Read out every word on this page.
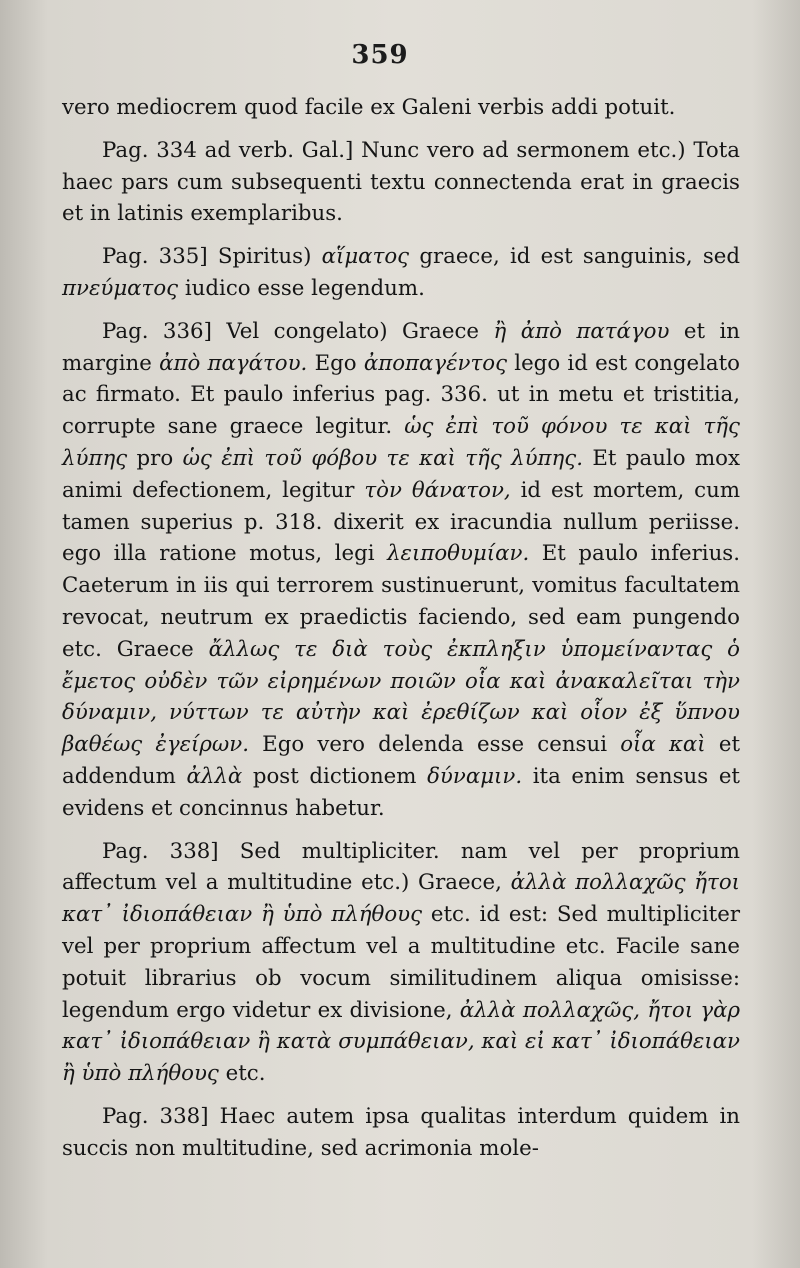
359

vero mediocrem quod facile ex Galeni verbis addi potuit.

Pag. 334 ad verb. Gal.] Nunc vero ad sermonem etc.) Tota haec pars cum subsequenti textu connectenda erat in graecis et in latinis exemplaribus.

Pag. 335] Spiritus) αἵματος graece, id est sanguinis, sed πνεύματος iudico esse legendum.

Pag. 336] Vel congelato) Graece ἢ ἀπὸ πατάγου et in margine ἀπὸ παγάτου. Ego ἀποπαγέντος lego id est congelato ac firmato. Et paulo inferius pag. 336. ut in metu et tristitia, corrupte sane graece legitur. ὡς ἐπὶ τοῦ φόνου τε καὶ τῆς λύπης pro ὡς ἐπὶ τοῦ φόβου τε καὶ τῆς λύπης. Et paulo mox animi defectionem, legitur τὸν θάνατον, id est mortem, cum tamen superius p. 318. dixerit ex iracundia nullum periisse. ego illa ratione motus, legi λειποθυμίαν. Et paulo inferius. Caeterum in iis qui terrorem sustinuerunt, vomitus facultatem revocat, neutrum ex praedictis faciendo, sed eam pungendo etc. Graece ἄλλως τε διὰ τοὺς ἐκπληξιν ὑπομείναντας ὁ ἔμετος οὐδὲν τῶν εἰρημένων ποιῶν οἷα καὶ ἀνακαλεῖται τὴν δύναμιν, νύττων τε αὐτὴν καὶ ἐρεθίζων καὶ οἷον ἐξ ὕπνου βαθέως ἐγείρων. Ego vero delenda esse censui οἷα καὶ et addendum ἀλλὰ post dictionem δύναμιν. ita enim sensus et evidens et concinnus habetur.

Pag. 338] Sed multipliciter. nam vel per proprium affectum vel a multitudine etc.) Graece, ἀλλὰ πολλαχῶς ἤτοι κατ᾽ ἰδιοπάθειαν ἢ ὑπὸ πλήθους etc. id est: Sed multipliciter vel per proprium affectum vel a multitudine etc. Facile sane potuit librarius ob vocum similitudinem aliqua omisisse: legendum ergo videtur ex divisione, ἀλλὰ πολλαχῶς, ἤτοι γὰρ κατ᾽ ἰδιοπάθειαν ἢ κατὰ συμπάθειαν, καὶ εἰ κατ᾽ ἰδιοπάθειαν ἢ ὑπὸ πλήθους etc.

Pag. 338] Haec autem ipsa qualitas interdum quidem in succis non multitudine, sed acrimonia mole-
